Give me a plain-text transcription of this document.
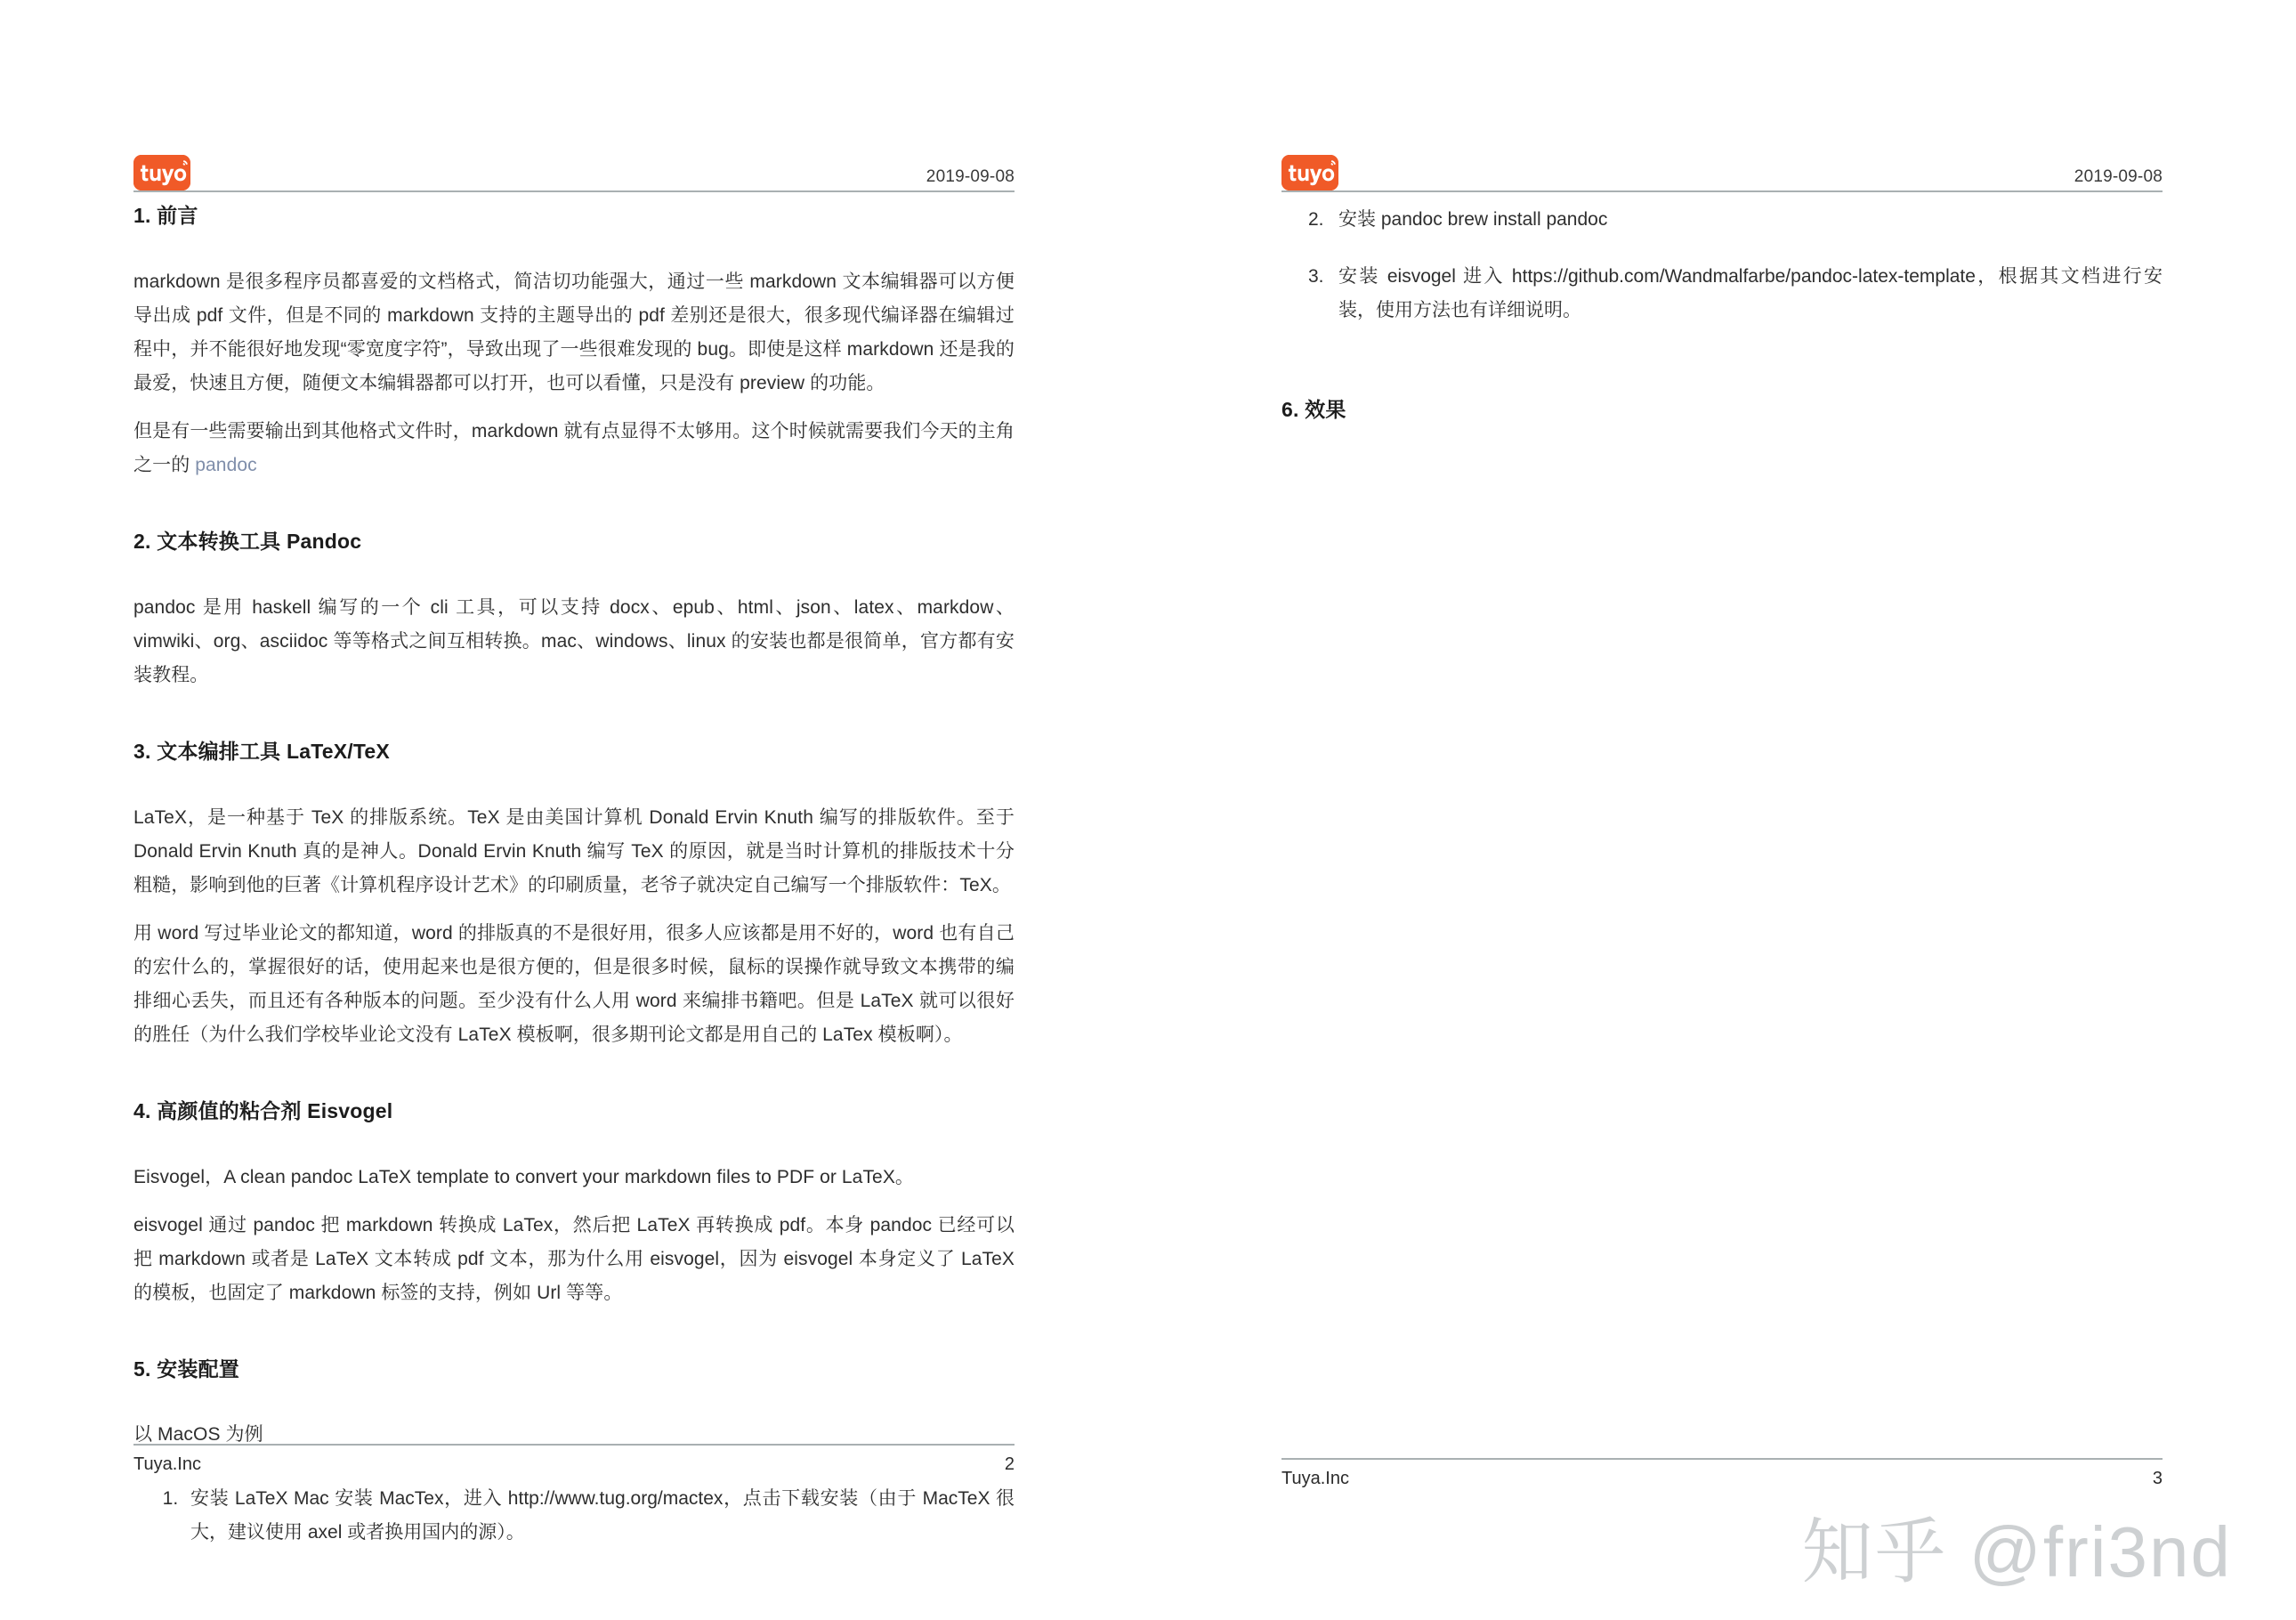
2019-09-08
1. 前言

markdown 是很多程序员都喜爱的文档格式，简洁切功能强大，通过一些 markdown 文本编辑器可以方便导出成 pdf 文件，但是不同的 markdown 支持的主题导出的 pdf 差别还是很大，很多现代编译器在编辑过程中，并不能很好地发现“零宽度字符”，导致出现了一些很难发现的 bug。即使是这样 markdown 还是我的最爱，快速且方便，随便文本编辑器都可以打开，也可以看懂，只是没有 preview 的功能。

但是有一些需要输出到其他格式文件时，markdown 就有点显得不太够用。这个时候就需要我们今天的主角之一的 pandoc

2. 文本转换工具 Pandoc

pandoc 是用 haskell 编写的一个 cli 工具，可以支持 docx、epub、html、json、latex、markdow、vimwiki、org、asciidoc 等等格式之间互相转换。mac、windows、linux 的安装也都是很简单，官方都有安装教程。

3. 文本编排工具 LaTeX/TeX

LaTeX，是一种基于 TeX 的排版系统。TeX 是由美国计算机 Donald Ervin Knuth 编写的排版软件。至于 Donald Ervin Knuth 真的是神人。Donald Ervin Knuth 编写 TeX 的原因，就是当时计算机的排版技术十分粗糙，影响到他的巨著《计算机程序设计艺术》的印刷质量，老爷子就决定自己编写一个排版软件：TeX。

用 word 写过毕业论文的都知道，word 的排版真的不是很好用，很多人应该都是用不好的，word 也有自己的宏什么的，掌握很好的话，使用起来也是很方便的，但是很多时候，鼠标的误操作就导致文本携带的编排细心丢失，而且还有各种版本的问题。至少没有什么人用 word 来编排书籍吧。但是 LaTeX 就可以很好的胜任（为什么我们学校毕业论文没有 LaTeX 模板啊，很多期刊论文都是用自己的 LaTex 模板啊）。

4. 高颜值的粘合剂 Eisvogel

Eisvogel，A clean pandoc LaTeX template to convert your markdown files to PDF or LaTeX。

eisvogel 通过 pandoc 把 markdown 转换成 LaTex，然后把 LaTeX 再转换成 pdf。本身 pandoc 已经可以把 markdown 或者是 LaTeX 文本转成 pdf 文本，那为什么用 eisvogel，因为 eisvogel 本身定义了 LaTeX 的模板，也固定了 markdown 标签的支持，例如 Url 等等。

5. 安装配置

以 MacOS 为例

1. 安装 LaTeX Mac 安装 MacTex，进入 http://www.tug.org/mactex，点击下载安装（由于 MacTeX 很大，建议使用 axel 或者换用国内的源）。
Tuya.Inc	2
2019-09-08
2. 安装 pandoc brew install pandoc
3. 安装 eisvogel 进入 https://github.com/Wandmalfarbe/pandoc-latex-template，根据其文档进行安装，使用方法也有详细说明。
6. 效果
Tuya.Inc	3
知乎 @fri3nd
